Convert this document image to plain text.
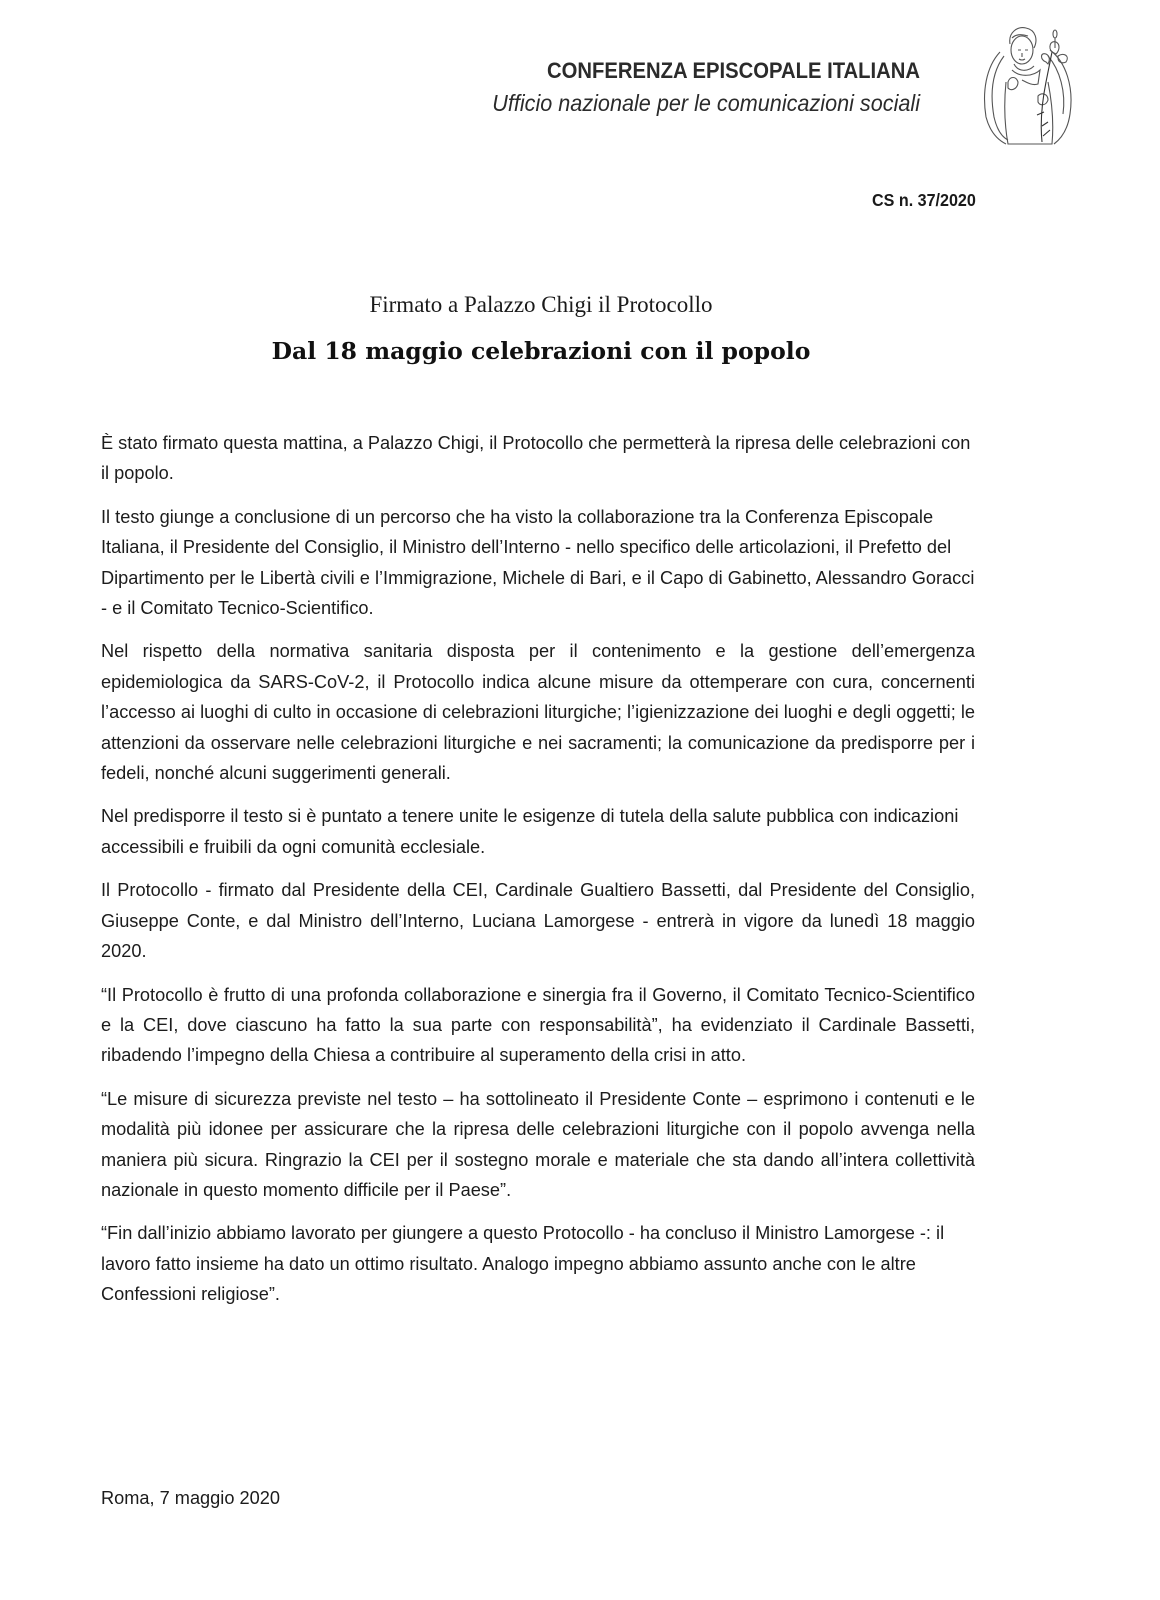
CONFERENZA EPISCOPALE ITALIANA
Ufficio nazionale per le comunicazioni sociali
CS n. 37/2020
Firmato a Palazzo Chigi il Protocollo
Dal 18 maggio celebrazioni con il popolo

È stato firmato questa mattina, a Palazzo Chigi, il Protocollo che permetterà la ripresa delle celebrazioni con il popolo.

Il testo giunge a conclusione di un percorso che ha visto la collaborazione tra la Conferenza Episcopale Italiana, il Presidente del Consiglio, il Ministro dell’Interno - nello specifico delle articolazioni, il Prefetto del Dipartimento per le Libertà civili e l’Immigrazione, Michele di Bari, e il Capo di Gabinetto, Alessandro Goracci - e il Comitato Tecnico-Scientifico.

Nel rispetto della normativa sanitaria disposta per il contenimento e la gestione dell’emergenza epidemiologica da SARS-CoV-2, il Protocollo indica alcune misure da ottemperare con cura, concernenti l’accesso ai luoghi di culto in occasione di celebrazioni liturgiche; l’igienizzazione dei luoghi e degli oggetti; le attenzioni da osservare nelle celebrazioni liturgiche e nei sacramenti; la comunicazione da predisporre per i fedeli, nonché alcuni suggerimenti generali.

Nel predisporre il testo si è puntato a tenere unite le esigenze di tutela della salute pubblica con indicazioni accessibili e fruibili da ogni comunità ecclesiale.

Il Protocollo - firmato dal Presidente della CEI, Cardinale Gualtiero Bassetti, dal Presidente del Consiglio, Giuseppe Conte, e dal Ministro dell’Interno, Luciana Lamorgese - entrerà in vigore da lunedì 18 maggio 2020.

“Il Protocollo è frutto di una profonda collaborazione e sinergia fra il Governo, il Comitato Tecnico-Scientifico e la CEI, dove ciascuno ha fatto la sua parte con responsabilità”, ha evidenziato il Cardinale Bassetti, ribadendo l’impegno della Chiesa a contribuire al superamento della crisi in atto.

“Le misure di sicurezza previste nel testo – ha sottolineato il Presidente Conte – esprimono i contenuti e le modalità più idonee per assicurare che la ripresa delle celebrazioni liturgiche con il popolo avvenga nella maniera più sicura. Ringrazio la CEI per il sostegno morale e materiale che sta dando all’intera collettività nazionale in questo momento difficile per il Paese”.

“Fin dall’inizio abbiamo lavorato per giungere a questo Protocollo - ha concluso il Ministro Lamorgese -: il lavoro fatto insieme ha dato un ottimo risultato. Analogo impegno abbiamo assunto anche con le altre Confessioni religiose”.

Roma, 7 maggio 2020
